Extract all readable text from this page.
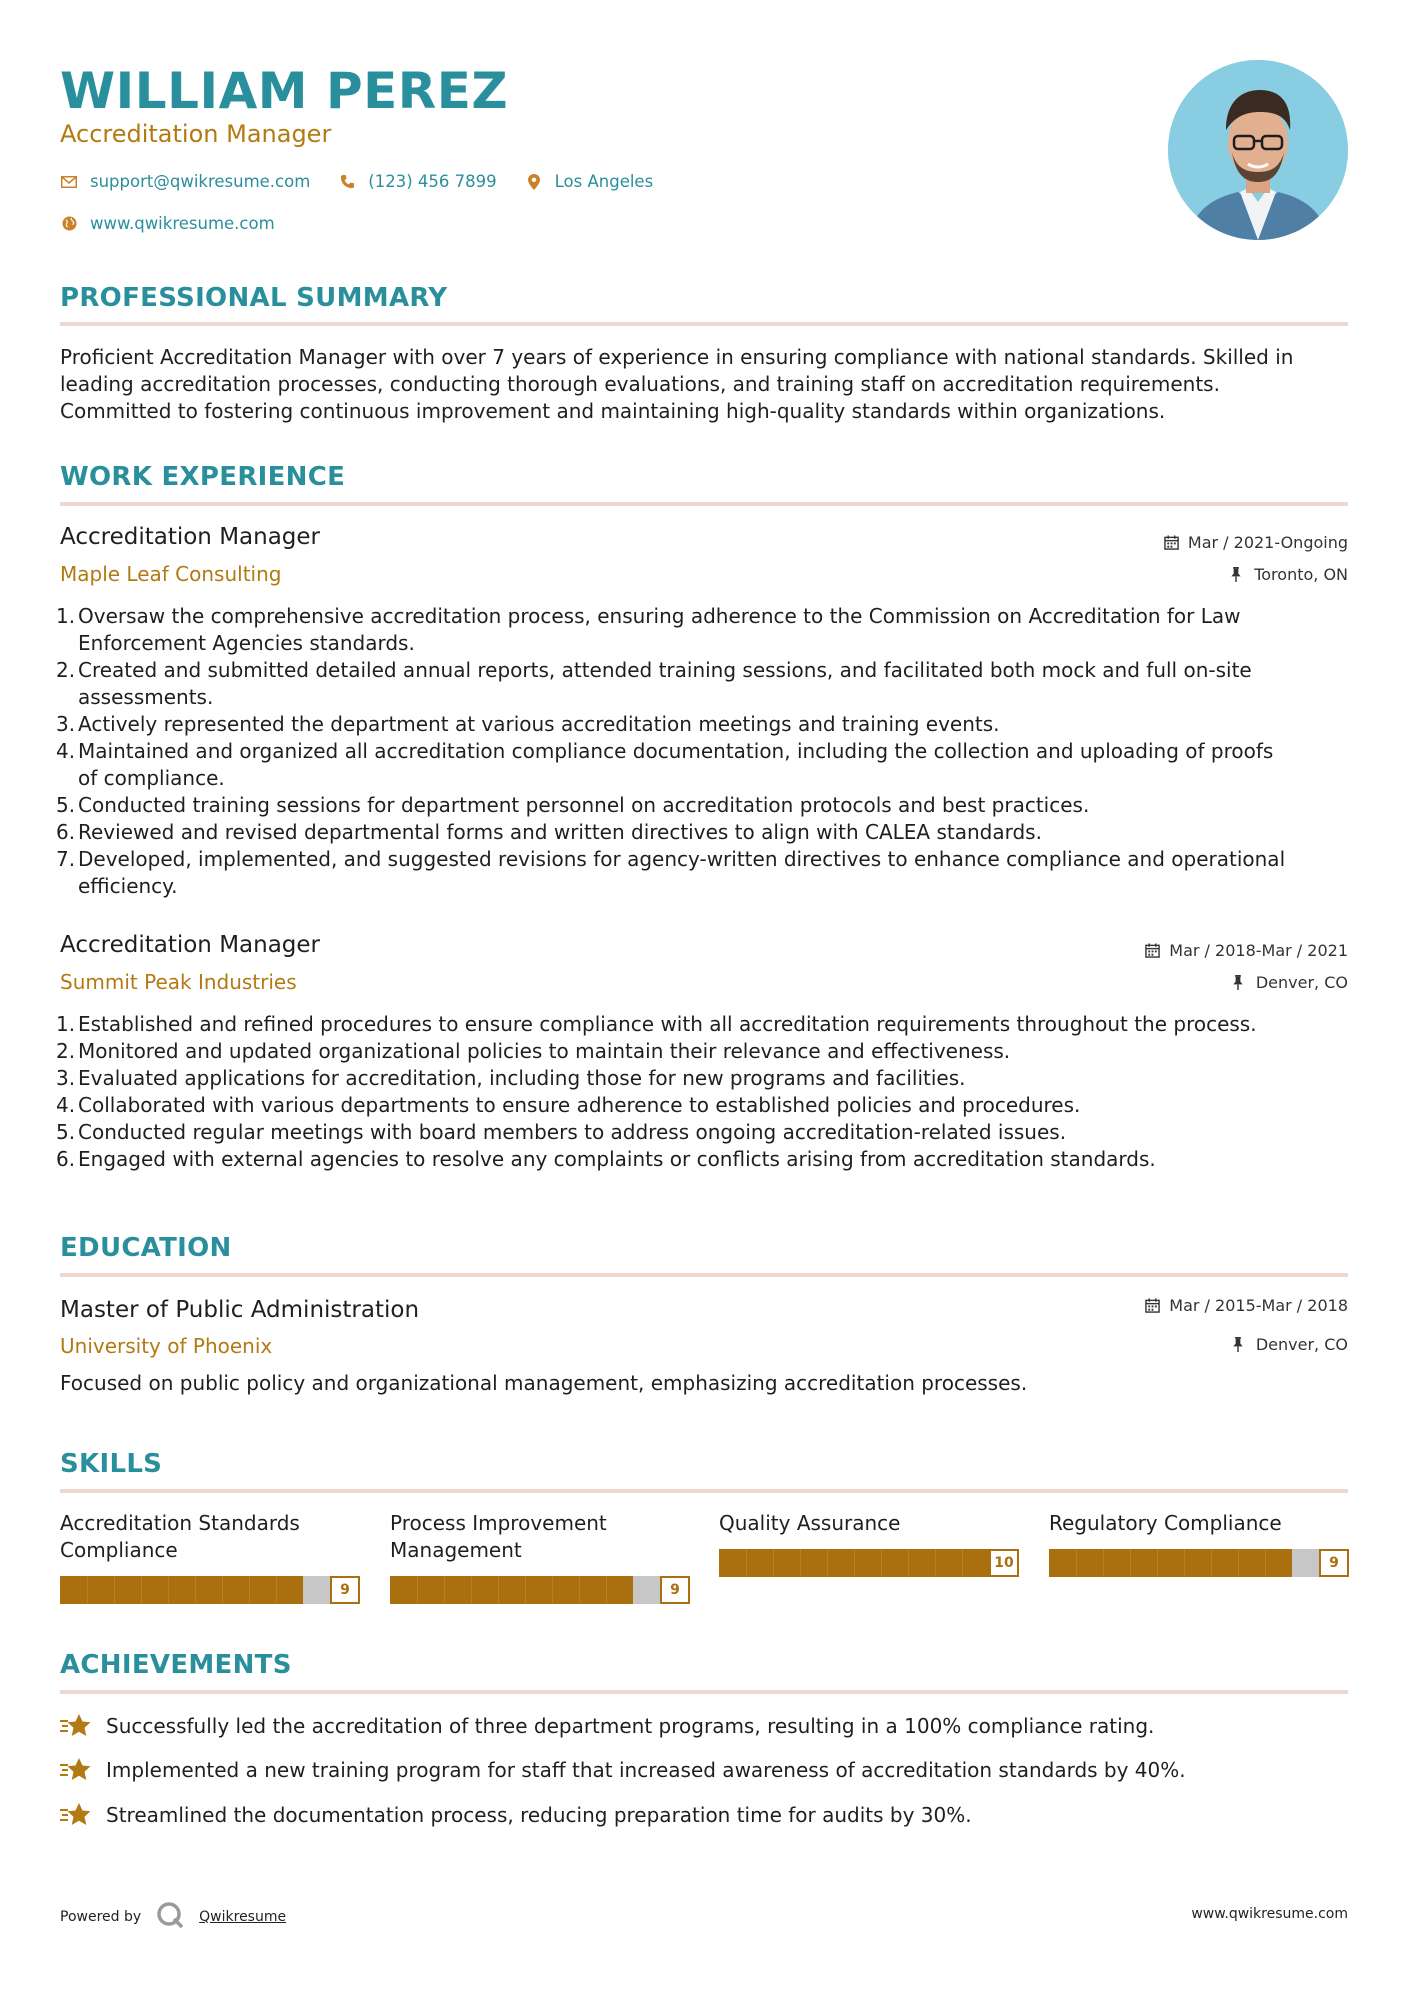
WILLIAM PEREZ
Accreditation Manager
support@qwikresume.com	(123) 456 7899	Los Angeles
www.qwikresume.com
PROFESSIONAL SUMMARY
Proficient Accreditation Manager with over 7 years of experience in ensuring compliance with national standards. Skilled in
leading accreditation processes, conducting thorough evaluations, and training staff on accreditation requirements.
Committed to fostering continuous improvement and maintaining high-quality standards within organizations.
WORK EXPERIENCE
Accreditation Manager	Mar / 2021-Ongoing
Maple Leaf Consulting	Toronto, ON
1. Oversaw the comprehensive accreditation process, ensuring adherence to the Commission on Accreditation for Law
Enforcement Agencies standards.
2. Created and submitted detailed annual reports, attended training sessions, and facilitated both mock and full on-site
assessments.
3. Actively represented the department at various accreditation meetings and training events.
4. Maintained and organized all accreditation compliance documentation, including the collection and uploading of proofs
of compliance.
5. Conducted training sessions for department personnel on accreditation protocols and best practices.
6. Reviewed and revised departmental forms and written directives to align with CALEA standards.
7. Developed, implemented, and suggested revisions for agency-written directives to enhance compliance and operational
efficiency.
Accreditation Manager	Mar / 2018-Mar / 2021
Summit Peak Industries	Denver, CO
1. Established and refined procedures to ensure compliance with all accreditation requirements throughout the process.
2. Monitored and updated organizational policies to maintain their relevance and effectiveness.
3. Evaluated applications for accreditation, including those for new programs and facilities.
4. Collaborated with various departments to ensure adherence to established policies and procedures.
5. Conducted regular meetings with board members to address ongoing accreditation-related issues.
6. Engaged with external agencies to resolve any complaints or conflicts arising from accreditation standards.
EDUCATION
Master of Public Administration	Mar / 2015-Mar / 2018
University of Phoenix	Denver, CO
Focused on public policy and organizational management, emphasizing accreditation processes.
SKILLS
Accreditation Standards
Compliance
9
Process Improvement
Management
9
Quality Assurance
10
Regulatory Compliance
9
ACHIEVEMENTS
Successfully led the accreditation of three department programs, resulting in a 100% compliance rating.
Implemented a new training program for staff that increased awareness of accreditation standards by 40%.
Streamlined the documentation process, reducing preparation time for audits by 30%.
Powered by	Qwikresume	www.qwikresume.com
